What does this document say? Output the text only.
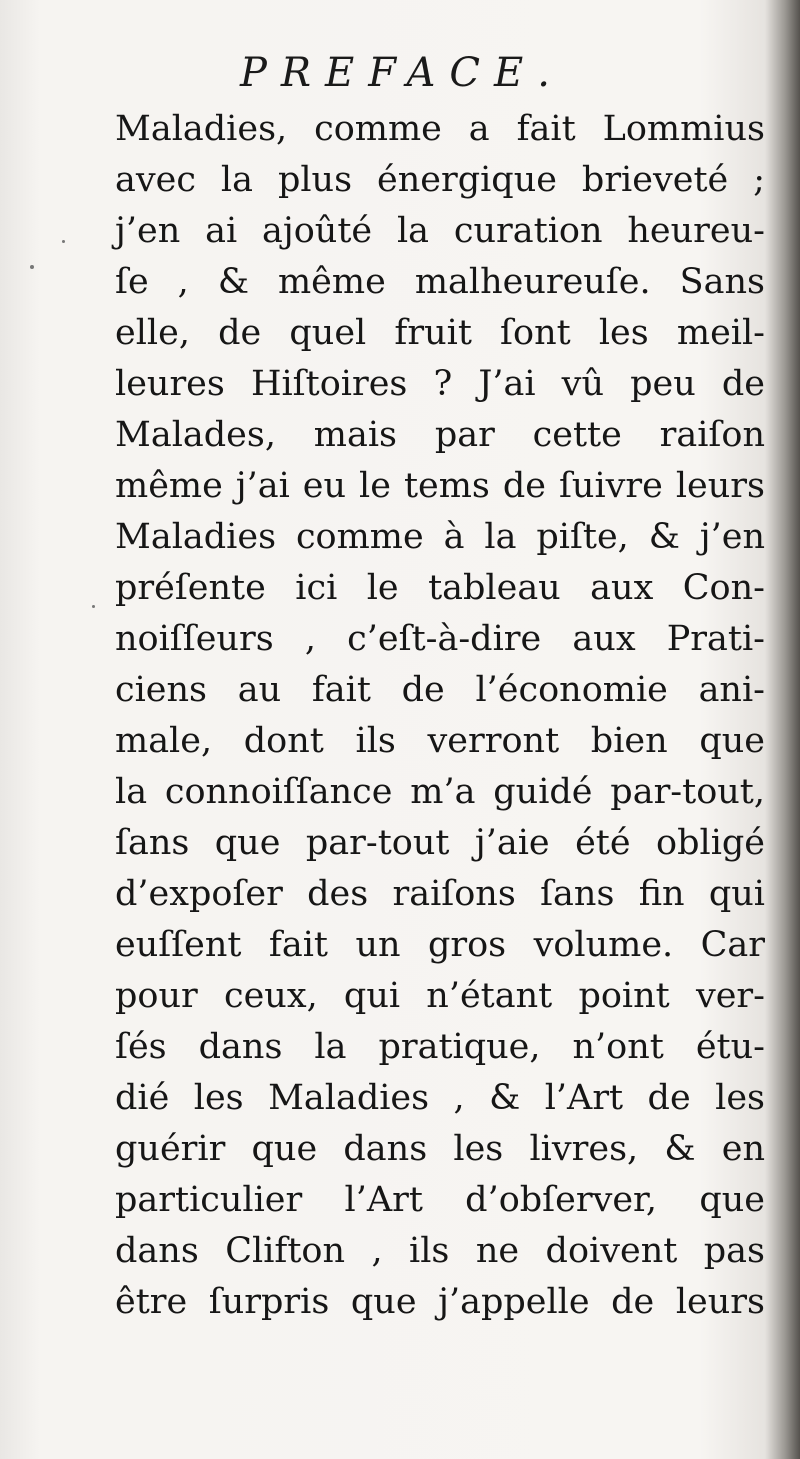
PREFACE.
Maladies, comme a fait Lommius
avec la plus énergique brieveté ;
j’en ai ajoûté la curation heureu-
ſe , & même malheureuſe. Sans
elle, de quel fruit ſont les meil-
leures Hiſtoires ? J’ai vû peu de
Malades, mais par cette raiſon
même j’ai eu le tems de ſuivre leurs
Maladies comme à la piſte, & j’en
préſente ici le tableau aux Con-
noiſſeurs , c’eſt-à-dire aux Prati-
ciens au fait de l’économie ani-
male, dont ils verront bien que
la connoiſſance m’a guidé par-tout,
ſans que par-tout j’aie été obligé
d’expoſer des raiſons ſans fin qui
euſſent fait un gros volume. Car
pour ceux, qui n’étant point ver-
ſés dans la pratique, n’ont étu-
dié les Maladies , & l’Art de les
guérir que dans les livres, & en
particulier l’Art d’obſerver, que
dans Clifton , ils ne doivent pas
être ſurpris que j’appelle de leurs
